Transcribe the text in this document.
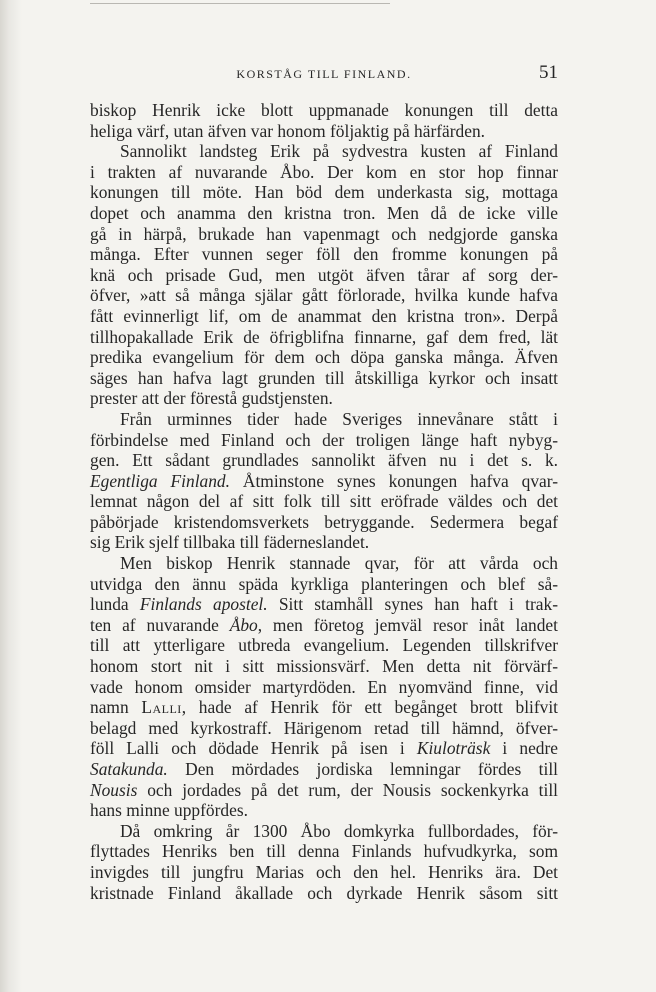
KORSTÅG TILL FINLAND.	51
biskop Henrik icke blott uppmanade konungen till detta
heliga värf, utan äfven var honom följaktig på härfärden.
Sannolikt landsteg Erik på sydvestra kusten af Finland
i trakten af nuvarande Åbo. Der kom en stor hop finnar
konungen till möte. Han böd dem underkasta sig, mottaga
dopet och anamma den kristna tron. Men då de icke ville
gå in härpå, brukade han vapenmagt och nedgjorde ganska
många. Efter vunnen seger föll den fromme konungen på
knä och prisade Gud, men utgöt äfven tårar af sorg der-
öfver, »att så många själar gått förlorade, hvilka kunde hafva
fått evinnerligt lif, om de anammat den kristna tron». Derpå
tillhopakallade Erik de öfrigblifna finnarne, gaf dem fred, lät
predika evangelium för dem och döpa ganska många. Äfven
säges han hafva lagt grunden till åtskilliga kyrkor och insatt
prester att der förestå gudstjensten.
Från urminnes tider hade Sveriges innevånare stått i
förbindelse med Finland och der troligen länge haft nybyg-
gen. Ett sådant grundlades sannolikt äfven nu i det s. k.
Egentliga Finland. Åtminstone synes konungen hafva qvar-
lemnat någon del af sitt folk till sitt eröfrade väldes och det
påbörjade kristendomsverkets betryggande. Sedermera begaf
sig Erik sjelf tillbaka till fäderneslandet.
Men biskop Henrik stannade qvar, för att vårda och
utvidga den ännu späda kyrkliga planteringen och blef så-
lunda Finlands apostel. Sitt stamhåll synes han haft i trak-
ten af nuvarande Åbo, men företog jemväl resor inåt landet
till att ytterligare utbreda evangelium. Legenden tillskrifver
honom stort nit i sitt missionsvärf. Men detta nit förvärf-
vade honom omsider martyrdöden. En nyomvänd finne, vid
namn Lalli, hade af Henrik för ett begånget brott blifvit
belagd med kyrkostraff. Härigenom retad till hämnd, öfver-
föll Lalli och dödade Henrik på isen i Kiuloträsk i nedre
Satakunda. Den mördades jordiska lemningar fördes till
Nousis och jordades på det rum, der Nousis sockenkyrka till
hans minne uppfördes.
Då omkring år 1300 Åbo domkyrka fullbordades, för-
flyttades Henriks ben till denna Finlands hufvudkyrka, som
invigdes till jungfru Marias och den hel. Henriks ära. Det
kristnade Finland åkallade och dyrkade Henrik såsom sitt
